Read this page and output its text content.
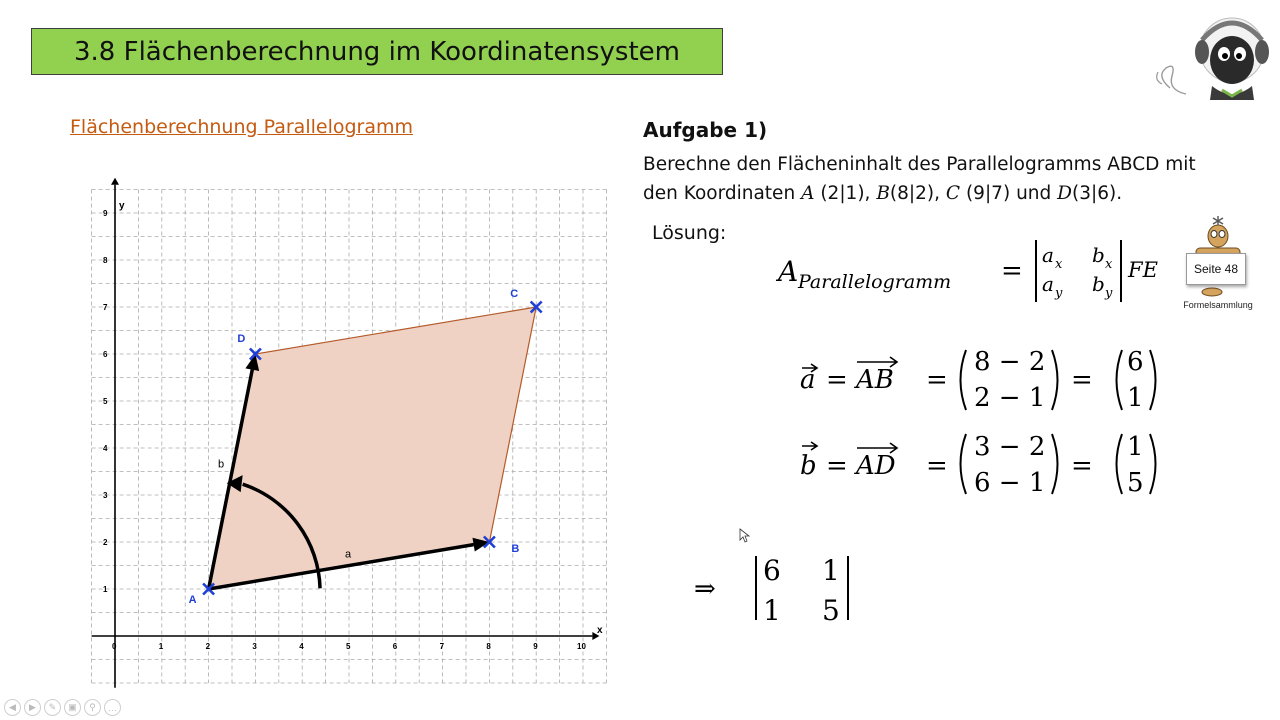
3.8 Flächenberechnung im Koordinatensystem
Flächenberechnung Parallelogramm
x
y
0	1	2	3	4	5	6	7	8	9	10
1
2
3
4
5
6
7
8
9
a
b
A
B
C
D
Aufgabe 1)
Berechne den Flächeninhalt des Parallelogramms ABCD mit
den Koordinaten A (2|1), B(8|2), C (9|7) und D(3|6).
Lösung:
A Parallelogramm =
a x b x
a y b y
FE
a = AB =
8 − 2
2 − 1
=
6
1
b = AD =
3 − 2
6 − 1
=
1
5
⇒
6 1
1 5
Seite 48
Formelsammlung
◀	▶	✎	▣	⚲	…
